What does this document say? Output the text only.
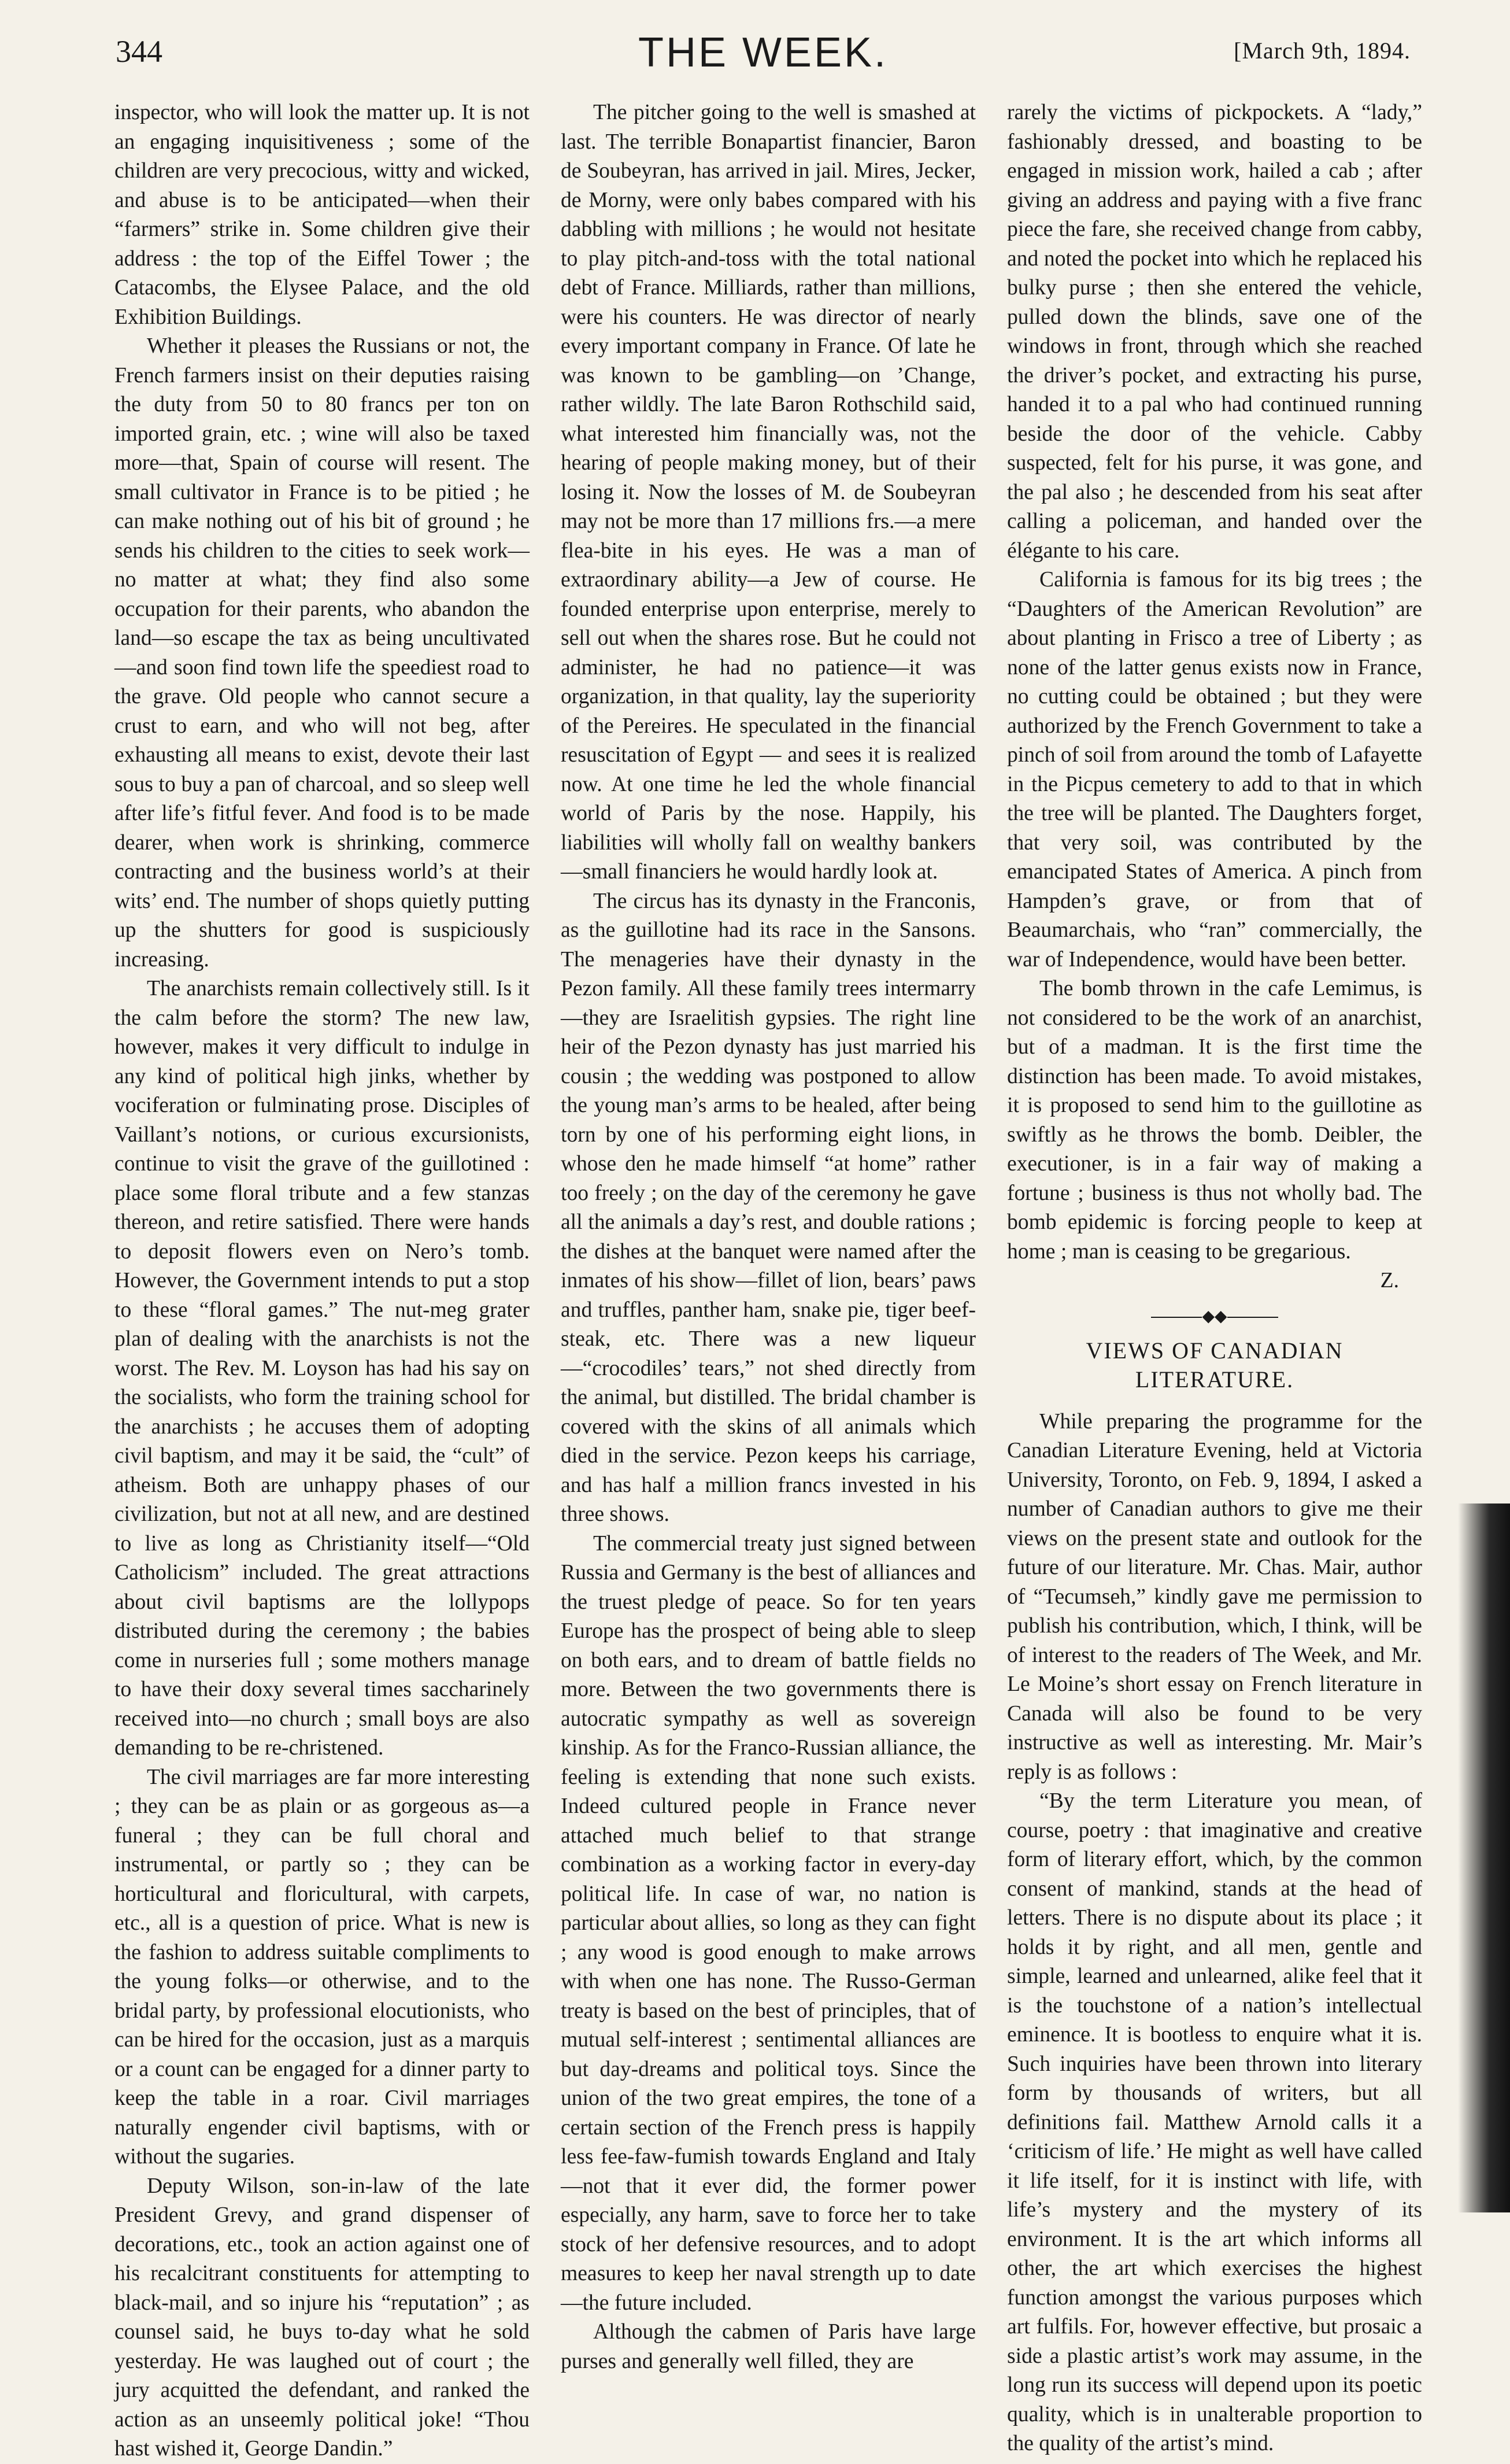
344	THE WEEK.	[March 9th, 1894.

inspector, who will look the matter up. It is not an engaging inquisitiveness ; some of the children are very precocious, witty and wicked, and abuse is to be anticipated—when their “farmers” strike in. Some children give their address : the top of the Eiffel Tower ; the Catacombs, the Elysee Palace, and the old Exhibition Buildings.

Whether it pleases the Russians or not, the French farmers insist on their deputies raising the duty from 50 to 80 francs per ton on imported grain, etc. ; wine will also be taxed more—that, Spain of course will resent. The small cultivator in France is to be pitied ; he can make nothing out of his bit of ground ; he sends his children to the cities to seek work—no matter at what; they find also some occupation for their parents, who abandon the land—so escape the tax as being uncultivated—and soon find town life the speediest road to the grave. Old people who cannot secure a crust to earn, and who will not beg, after exhausting all means to exist, devote their last sous to buy a pan of charcoal, and so sleep well after life’s fitful fever. And food is to be made dearer, when work is shrinking, commerce contracting and the business world’s at their wits’ end. The number of shops quietly putting up the shutters for good is suspiciously increasing.

The anarchists remain collectively still. Is it the calm before the storm? The new law, however, makes it very difficult to indulge in any kind of political high jinks, whether by vociferation or fulminating prose. Disciples of Vaillant’s notions, or curious excursionists, continue to visit the grave of the guillotined : place some floral tribute and a few stanzas thereon, and retire satisfied. There were hands to deposit flowers even on Nero’s tomb. However, the Government intends to put a stop to these “floral games.” The nut-meg grater plan of dealing with the anarchists is not the worst. The Rev. M. Loyson has had his say on the socialists, who form the training school for the anarchists ; he accuses them of adopting civil baptism, and may it be said, the “cult” of atheism. Both are unhappy phases of our civilization, but not at all new, and are destined to live as long as Christianity itself—“Old Catholicism” included. The great attractions about civil baptisms are the lollypops distributed during the ceremony ; the babies come in nurseries full ; some mothers manage to have their doxy several times saccharinely received into—no church ; small boys are also demanding to be re-christened.

The civil marriages are far more interesting ; they can be as plain or as gorgeous as—a funeral ; they can be full choral and instrumental, or partly so ; they can be horticultural and floricultural, with carpets, etc., all is a question of price. What is new is the fashion to address suitable compliments to the young folks—or otherwise, and to the bridal party, by professional elocutionists, who can be hired for the occasion, just as a marquis or a count can be engaged for a dinner party to keep the table in a roar. Civil marriages naturally engender civil baptisms, with or without the sugaries.

Deputy Wilson, son-in-law of the late President Grevy, and grand dispenser of decorations, etc., took an action against one of his recalcitrant constituents for attempting to black-mail, and so injure his “reputation” ; as counsel said, he buys to-day what he sold yesterday. He was laughed out of court ; the jury acquitted the defendant, and ranked the action as an unseemly political joke! “Thou hast wished it, George Dandin.”

The pitcher going to the well is smashed at last. The terrible Bonapartist financier, Baron de Soubeyran, has arrived in jail. Mires, Jecker, de Morny, were only babes compared with his dabbling with millions ; he would not hesitate to play pitch-and-toss with the total national debt of France. Milliards, rather than millions, were his counters. He was director of nearly every important company in France. Of late he was known to be gambling—on ’Change, rather wildly. The late Baron Rothschild said, what interested him financially was, not the hearing of people making money, but of their losing it. Now the losses of M. de Soubeyran may not be more than 17 millions frs.—a mere flea-bite in his eyes. He was a man of extraordinary ability—a Jew of course. He founded enterprise upon enterprise, merely to sell out when the shares rose. But he could not administer, he had no patience—it was organization, in that quality, lay the superiority of the Pereires. He speculated in the financial resuscitation of Egypt — and sees it is realized now. At one time he led the whole financial world of Paris by the nose. Happily, his liabilities will wholly fall on wealthy bankers—small financiers he would hardly look at.

The circus has its dynasty in the Franconis, as the guillotine had its race in the Sansons. The menageries have their dynasty in the Pezon family. All these family trees intermarry—they are Israelitish gypsies. The right line heir of the Pezon dynasty has just married his cousin ; the wedding was postponed to allow the young man’s arms to be healed, after being torn by one of his performing eight lions, in whose den he made himself “at home” rather too freely ; on the day of the ceremony he gave all the animals a day’s rest, and double rations ; the dishes at the banquet were named after the inmates of his show—fillet of lion, bears’ paws and truffles, panther ham, snake pie, tiger beef-steak, etc. There was a new liqueur—“crocodiles’ tears,” not shed directly from the animal, but distilled. The bridal chamber is covered with the skins of all animals which died in the service. Pezon keeps his carriage, and has half a million francs invested in his three shows.

The commercial treaty just signed between Russia and Germany is the best of alliances and the truest pledge of peace. So for ten years Europe has the prospect of being able to sleep on both ears, and to dream of battle fields no more. Between the two governments there is autocratic sympathy as well as sovereign kinship. As for the Franco-Russian alliance, the feeling is extending that none such exists. Indeed cultured people in France never attached much belief to that strange combination as a working factor in every-day political life. In case of war, no nation is particular about allies, so long as they can fight ; any wood is good enough to make arrows with when one has none. The Russo-German treaty is based on the best of principles, that of mutual self-interest ; sentimental alliances are but day-dreams and political toys. Since the union of the two great empires, the tone of a certain section of the French press is happily less fee-faw-fumish towards England and Italy—not that it ever did, the former power especially, any harm, save to force her to take stock of her defensive resources, and to adopt measures to keep her naval strength up to date—the future included.

Although the cabmen of Paris have large purses and generally well filled, they are

rarely the victims of pickpockets. A “lady,” fashionably dressed, and boasting to be engaged in mission work, hailed a cab ; after giving an address and paying with a five franc piece the fare, she received change from cabby, and noted the pocket into which he replaced his bulky purse ; then she entered the vehicle, pulled down the blinds, save one of the windows in front, through which she reached the driver’s pocket, and extracting his purse, handed it to a pal who had continued running beside the door of the vehicle. Cabby suspected, felt for his purse, it was gone, and the pal also ; he descended from his seat after calling a policeman, and handed over the élégante to his care.

California is famous for its big trees ; the “Daughters of the American Revolution” are about planting in Frisco a tree of Liberty ; as none of the latter genus exists now in France, no cutting could be obtained ; but they were authorized by the French Government to take a pinch of soil from around the tomb of Lafayette in the Picpus cemetery to add to that in which the tree will be planted. The Daughters forget, that very soil, was contributed by the emancipated States of America. A pinch from Hampden’s grave, or from that of Beaumarchais, who “ran” commercially, the war of Independence, would have been better.

The bomb thrown in the cafe Lemimus, is not considered to be the work of an anarchist, but of a madman. It is the first time the distinction has been made. To avoid mistakes, it is proposed to send him to the guillotine as swiftly as he throws the bomb. Deibler, the executioner, is in a fair way of making a fortune ; business is thus not wholly bad. The bomb epidemic is forcing people to keep at home ; man is ceasing to be gregarious.

Z.

◆◆
VIEWS OF CANADIAN LITERATURE.

While preparing the programme for the Canadian Literature Evening, held at Victoria University, Toronto, on Feb. 9, 1894, I asked a number of Canadian authors to give me their views on the present state and outlook for the future of our literature. Mr. Chas. Mair, author of “Tecumseh,” kindly gave me permission to publish his contribution, which, I think, will be of interest to the readers of The Week, and Mr. Le Moine’s short essay on French literature in Canada will also be found to be very instructive as well as interesting. Mr. Mair’s reply is as follows :

“By the term Literature you mean, of course, poetry : that imaginative and creative form of literary effort, which, by the common consent of mankind, stands at the head of letters. There is no dispute about its place ; it holds it by right, and all men, gentle and simple, learned and unlearned, alike feel that it is the touchstone of a nation’s intellectual eminence. It is bootless to enquire what it is. Such inquiries have been thrown into literary form by thousands of writers, but all definitions fail. Matthew Arnold calls it a ‘criticism of life.’ He might as well have called it life itself, for it is instinct with life, with life’s mystery and the mystery of its environment. It is the art which informs all other, the art which exercises the highest function amongst the various purposes which art fulfils. For, however effective, but prosaic a side a plastic artist’s work may assume, in the long run its success will depend upon its poetic quality, which is in unalterable proportion to the quality of the artist’s mind.
